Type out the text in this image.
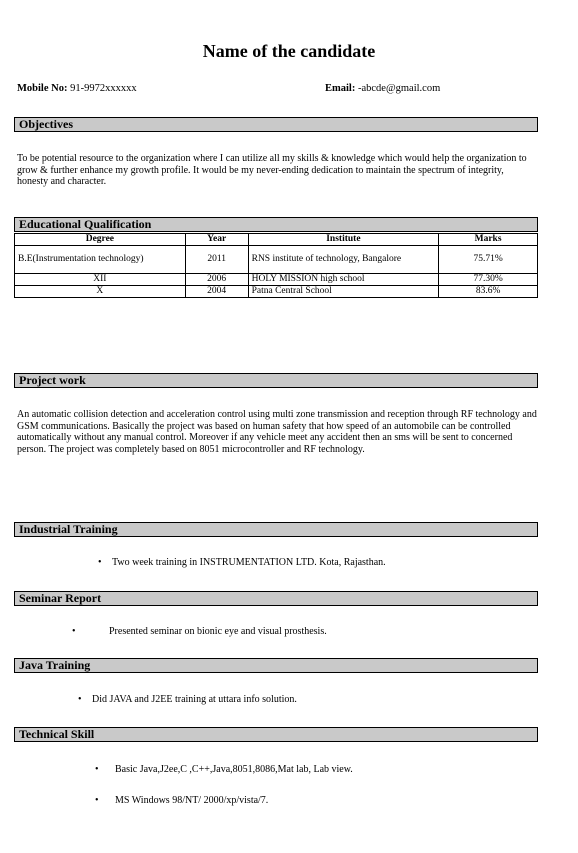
Name of the candidate
Mobile No: 91-9972xxxxxx	Email: -abcde@gmail.com
Objectives
To be potential resource to the organization where I can utilize all my skills & knowledge which would help the organization to grow & further enhance my growth profile. It would be my never-ending dedication to maintain the spectrum of integrity, honesty and character.
Educational Qualification
Degree	Year	Institute	Marks
B.E(Instrumentation technology)	2011	RNS institute of technology, Bangalore	75.71%
XII	2006	HOLY MISSION high school	77.30%
X	2004	Patna Central School	83.6%
Project work
An automatic collision detection and acceleration control using multi zone transmission and reception through RF technology and GSM communications. Basically the project was based on human safety that how speed of an automobile can be controlled automatically without any manual control. Moreover if any vehicle meet any accident then an sms will be sent to concerned person. The project was completely based on 8051 microcontroller and RF technology.
Industrial Training
• Two week training in INSTRUMENTATION LTD. Kota, Rajasthan.
Seminar Report
•	Presented seminar on bionic eye and visual prosthesis.
Java Training
• Did JAVA and J2EE training at uttara info solution.
Technical Skill
• Basic Java,J2ee,C ,C++,Java,8051,8086,Mat lab, Lab view.
• MS Windows 98/NT/ 2000/xp/vista/7.
